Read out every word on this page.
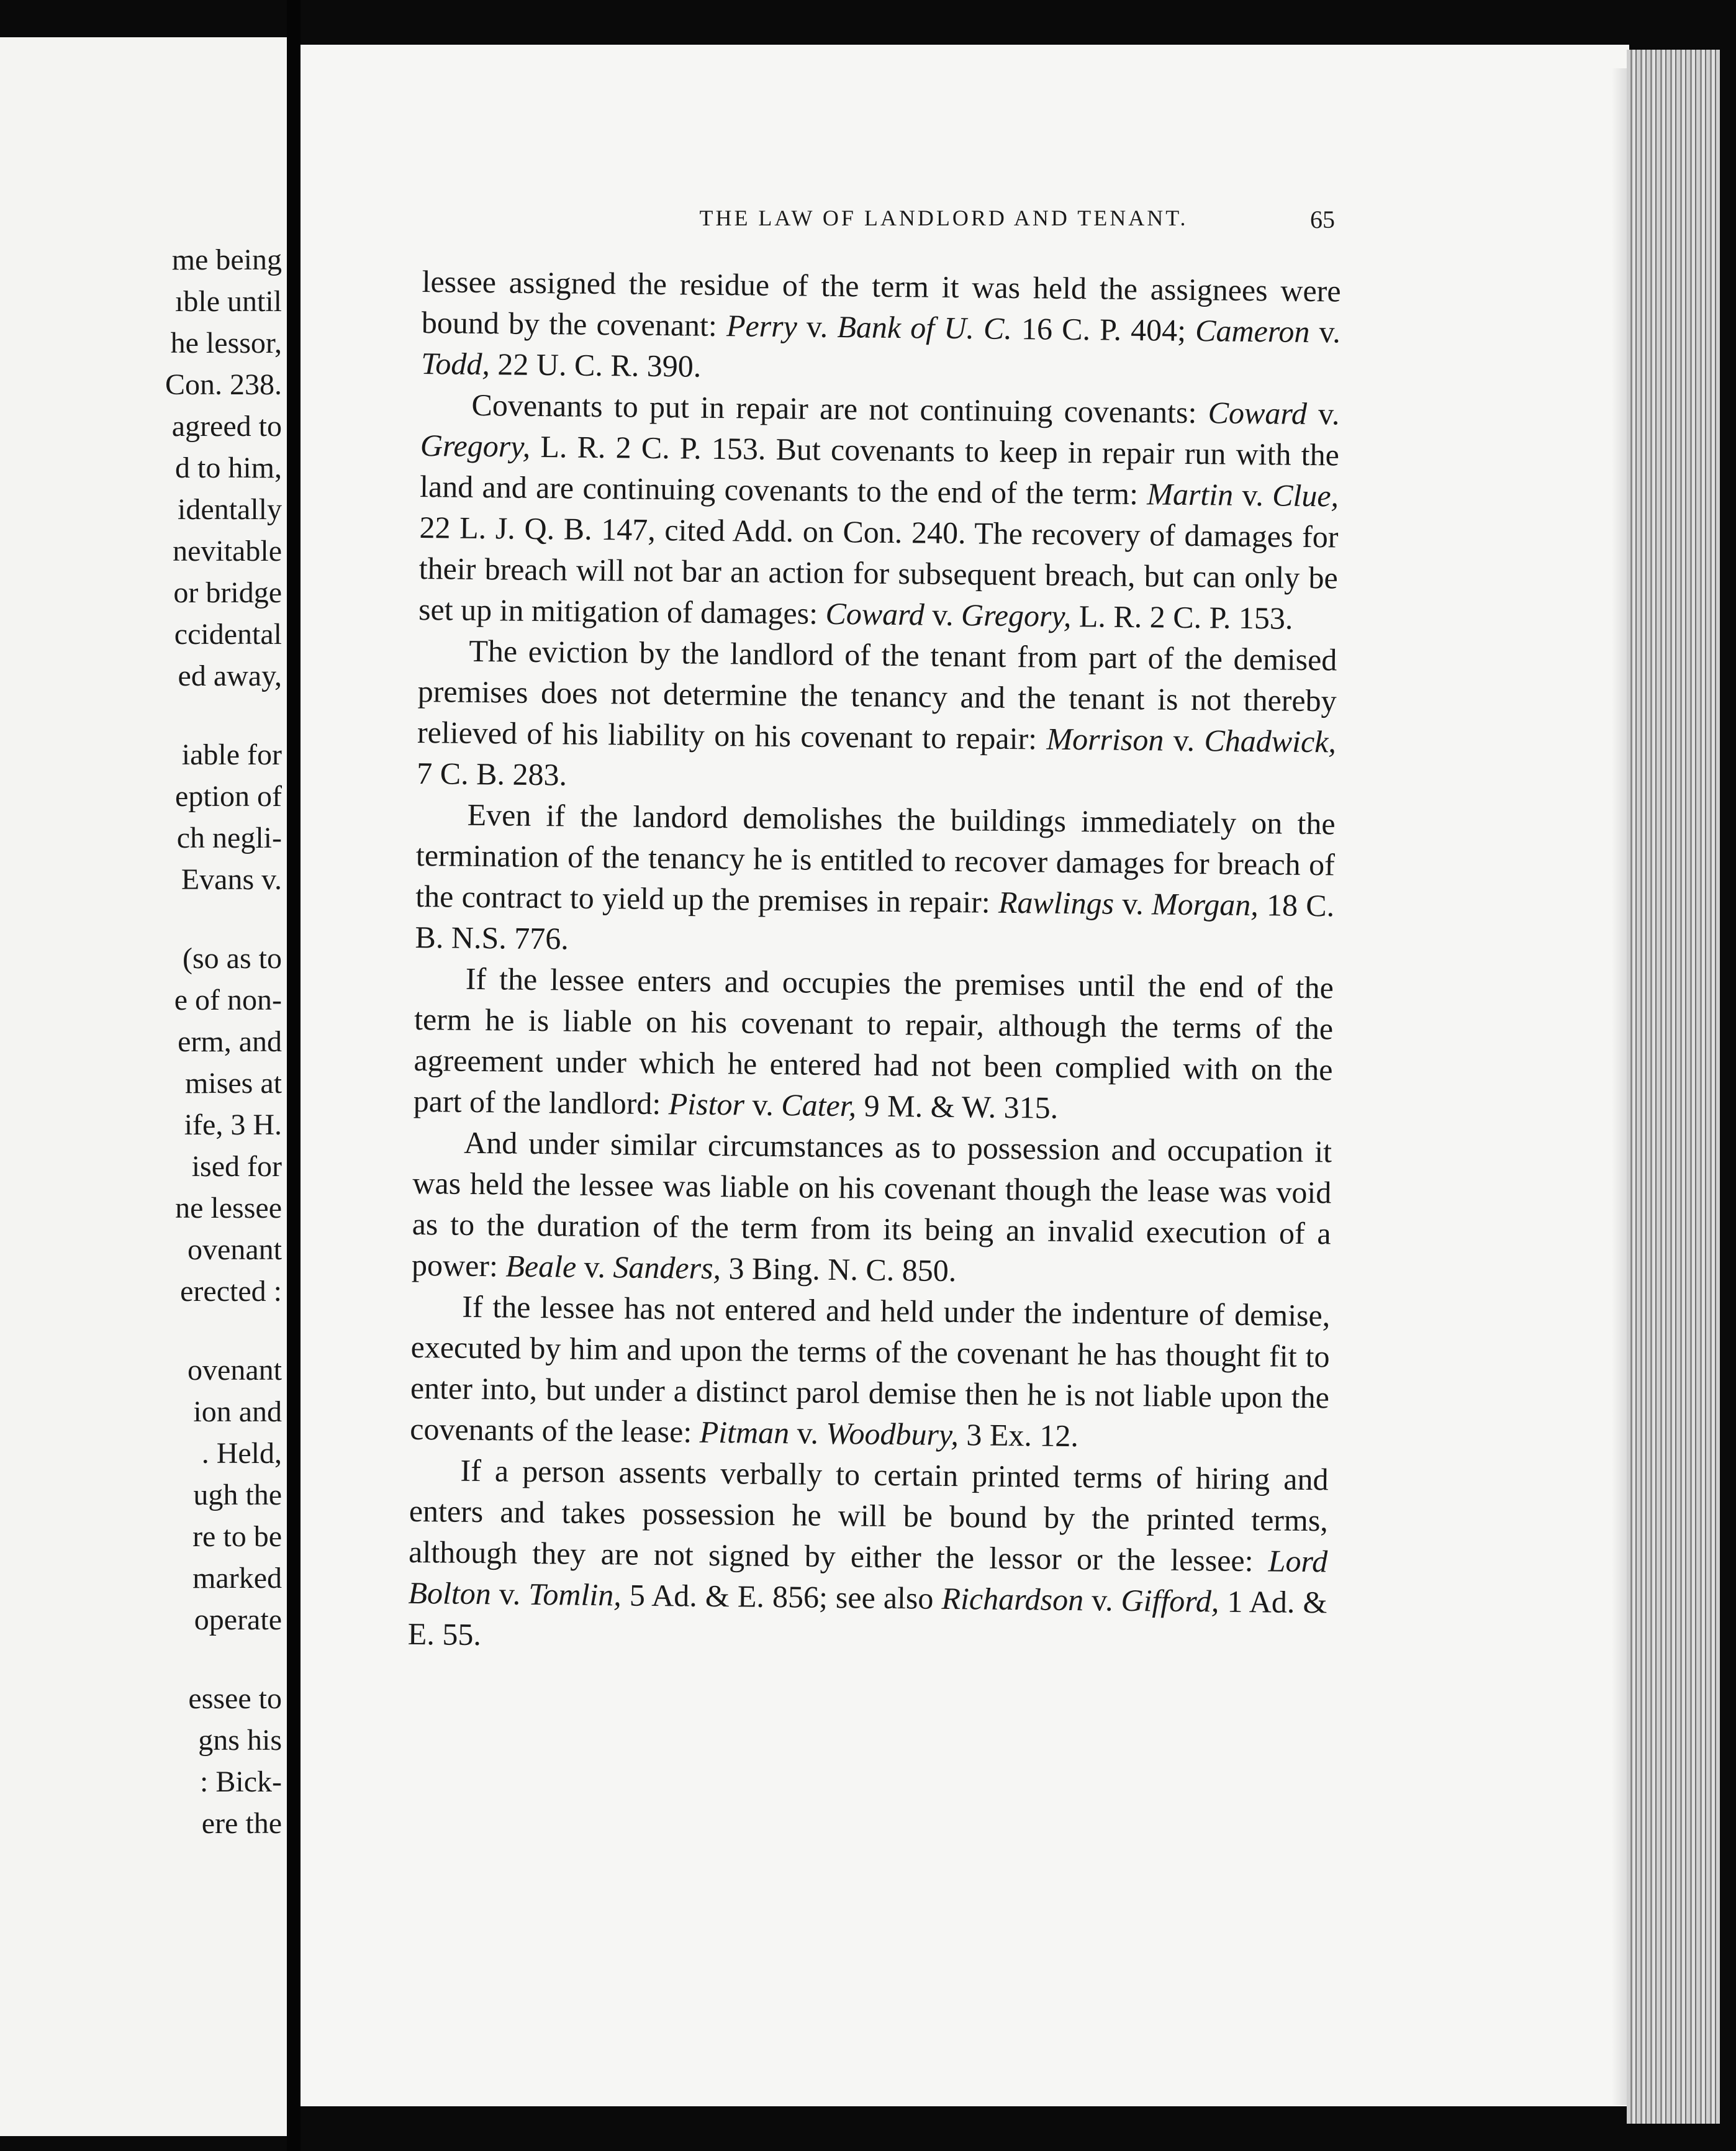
me being
ıble until
he lessor,
Con. 238.
agreed to
d to him,
identally
nevitable
or bridge
ccidental
ed away,
iable for
eption of
ch negli-
Evans v.
(so as to
e of non-
erm, and
mises at
ife, 3 H.
ised for
ne lessee
ovenant
erected :
ovenant
ion and
. Held,
ugh the
re to be
marked
operate
essee to
gns his
: Bick-
ere the
THE LAW OF LANDLORD AND TENANT.	65

lessee assigned the residue of the term it was held the assignees were bound by the covenant: Perry v. Bank of U. C. 16 C. P. 404; Cameron v. Todd, 22 U. C. R. 390.

Covenants to put in repair are not continuing covenants: Coward v. Gregory, L. R. 2 C. P. 153. But covenants to keep in repair run with the land and are continuing covenants to the end of the term: Martin v. Clue, 22 L. J. Q. B. 147, cited Add. on Con. 240. The recovery of damages for their breach will not bar an action for subsequent breach, but can only be set up in mitigation of damages: Coward v. Gregory, L. R. 2 C. P. 153.

The eviction by the landlord of the tenant from part of the demised premises does not determine the tenancy and the tenant is not thereby relieved of his liability on his covenant to repair: Morrison v. Chadwick, 7 C. B. 283.

Even if the landord demolishes the buildings immediately on the termination of the tenancy he is entitled to recover damages for breach of the contract to yield up the premises in repair: Rawlings v. Morgan, 18 C. B. N.S. 776.

If the lessee enters and occupies the premises until the end of the term he is liable on his covenant to repair, although the terms of the agreement under which he entered had not been complied with on the part of the landlord: Pistor v. Cater, 9 M. & W. 315.

And under similar circumstances as to possession and occupation it was held the lessee was liable on his covenant though the lease was void as to the duration of the term from its being an invalid execution of a power: Beale v. Sanders, 3 Bing. N. C. 850.

If the lessee has not entered and held under the indenture of demise, executed by him and upon the terms of the covenant he has thought fit to enter into, but under a distinct parol demise then he is not liable upon the covenants of the lease: Pitman v. Woodbury, 3 Ex. 12.

If a person assents verbally to certain printed terms of hiring and enters and takes possession he will be bound by the printed terms, although they are not signed by either the lessor or the lessee: Lord Bolton v. Tomlin, 5 Ad. & E. 856; see also Richardson v. Gifford, 1 Ad. & E. 55.
